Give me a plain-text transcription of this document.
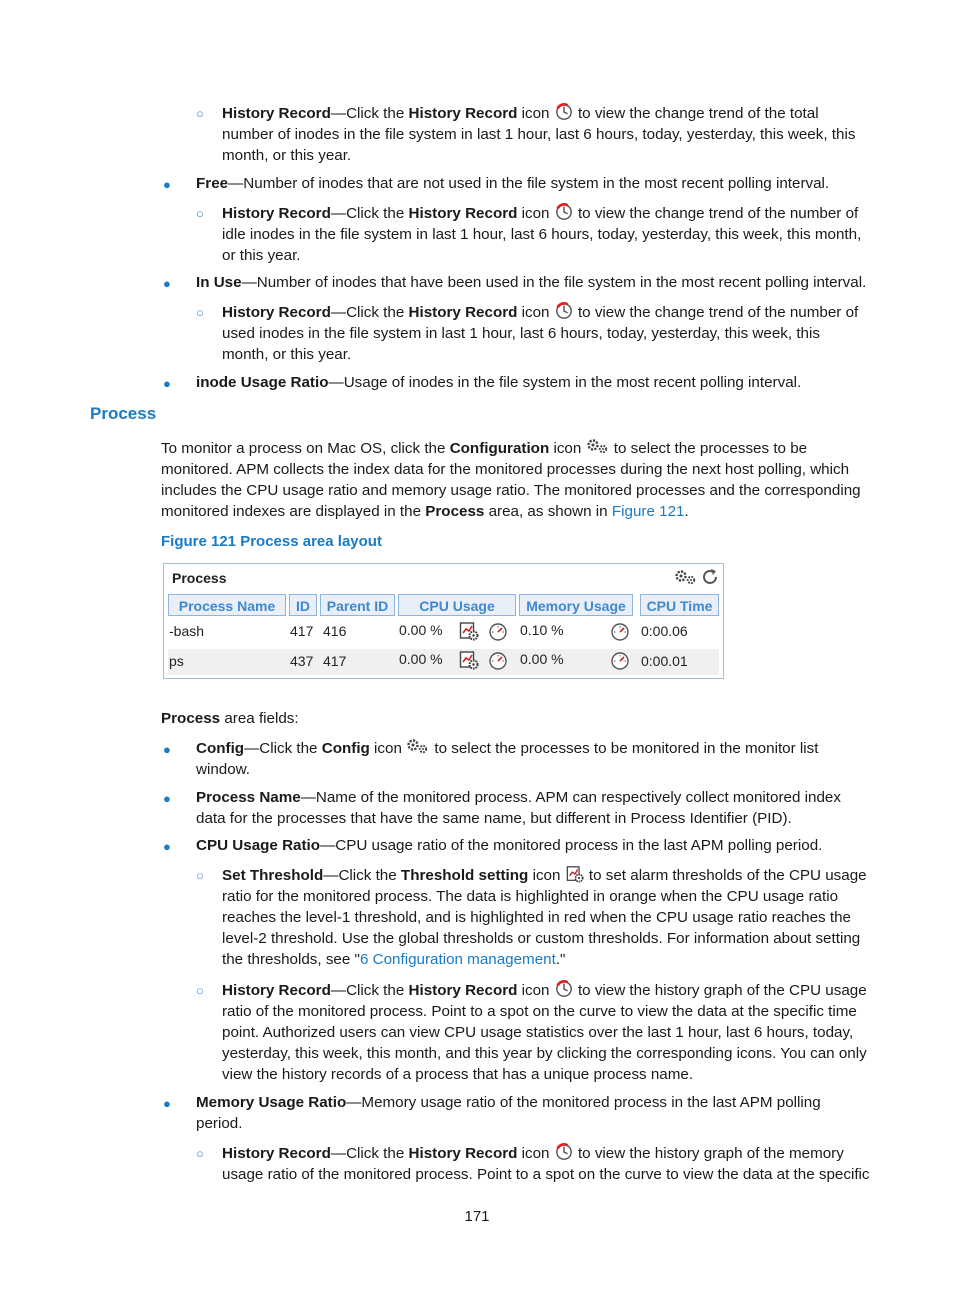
○ History Record—Click the History Record icon  to view the change trend of the total number of inodes in the file system in last 1 hour, last 6 hours, today, yesterday, this week, this month, or this year.
● Free—Number of inodes that are not used in the file system in the most recent polling interval.
○ History Record—Click the History Record icon  to view the change trend of the number of idle inodes in the file system in last 1 hour, last 6 hours, today, yesterday, this week, this month, or this year.
● In Use—Number of inodes that have been used in the file system in the most recent polling interval.
○ History Record—Click the History Record icon  to view the change trend of the number of used inodes in the file system in last 1 hour, last 6 hours, today, yesterday, this week, this month, or this year.
● inode Usage Ratio—Usage of inodes in the file system in the most recent polling interval.
Process
To monitor a process on Mac OS, click the Configuration icon  to select the processes to be monitored. APM collects the index data for the monitored processes during the next host polling, which includes the CPU usage ratio and memory usage ratio. The monitored processes and the corresponding monitored indexes are displayed in the Process area, as shown in Figure 121.
Figure 121 Process area layout
Process
Process Name	ID	Parent ID	CPU Usage	Memory Usage	CPU Time
-bash	417 416	0.00 %	0.10 %	0:00.06
ps	437 417	0.00 %	0.00 %	0:00.01
Process area fields:
● Config—Click the Config icon  to select the processes to be monitored in the monitor list window.
● Process Name—Name of the monitored process. APM can respectively collect monitored index data for the processes that have the same name, but different in Process Identifier (PID).
● CPU Usage Ratio—CPU usage ratio of the monitored process in the last APM polling period.
○ Set Threshold—Click the Threshold setting icon  to set alarm thresholds of the CPU usage ratio for the monitored process. The data is highlighted in orange when the CPU usage ratio reaches the level-1 threshold, and is highlighted in red when the CPU usage ratio reaches the level-2 threshold. Use the global thresholds or custom thresholds. For information about setting the thresholds, see "6 Configuration management."
○ History Record—Click the History Record icon  to view the history graph of the CPU usage ratio of the monitored process. Point to a spot on the curve to view the data at the specific time point. Authorized users can view CPU usage statistics over the last 1 hour, last 6 hours, today, yesterday, this week, this month, and this year by clicking the corresponding icons. You can only view the history records of a process that has a unique process name.
● Memory Usage Ratio—Memory usage ratio of the monitored process in the last APM polling period.
○ History Record—Click the History Record icon  to view the history graph of the memory usage ratio of the monitored process. Point to a spot on the curve to view the data at the specific
171
